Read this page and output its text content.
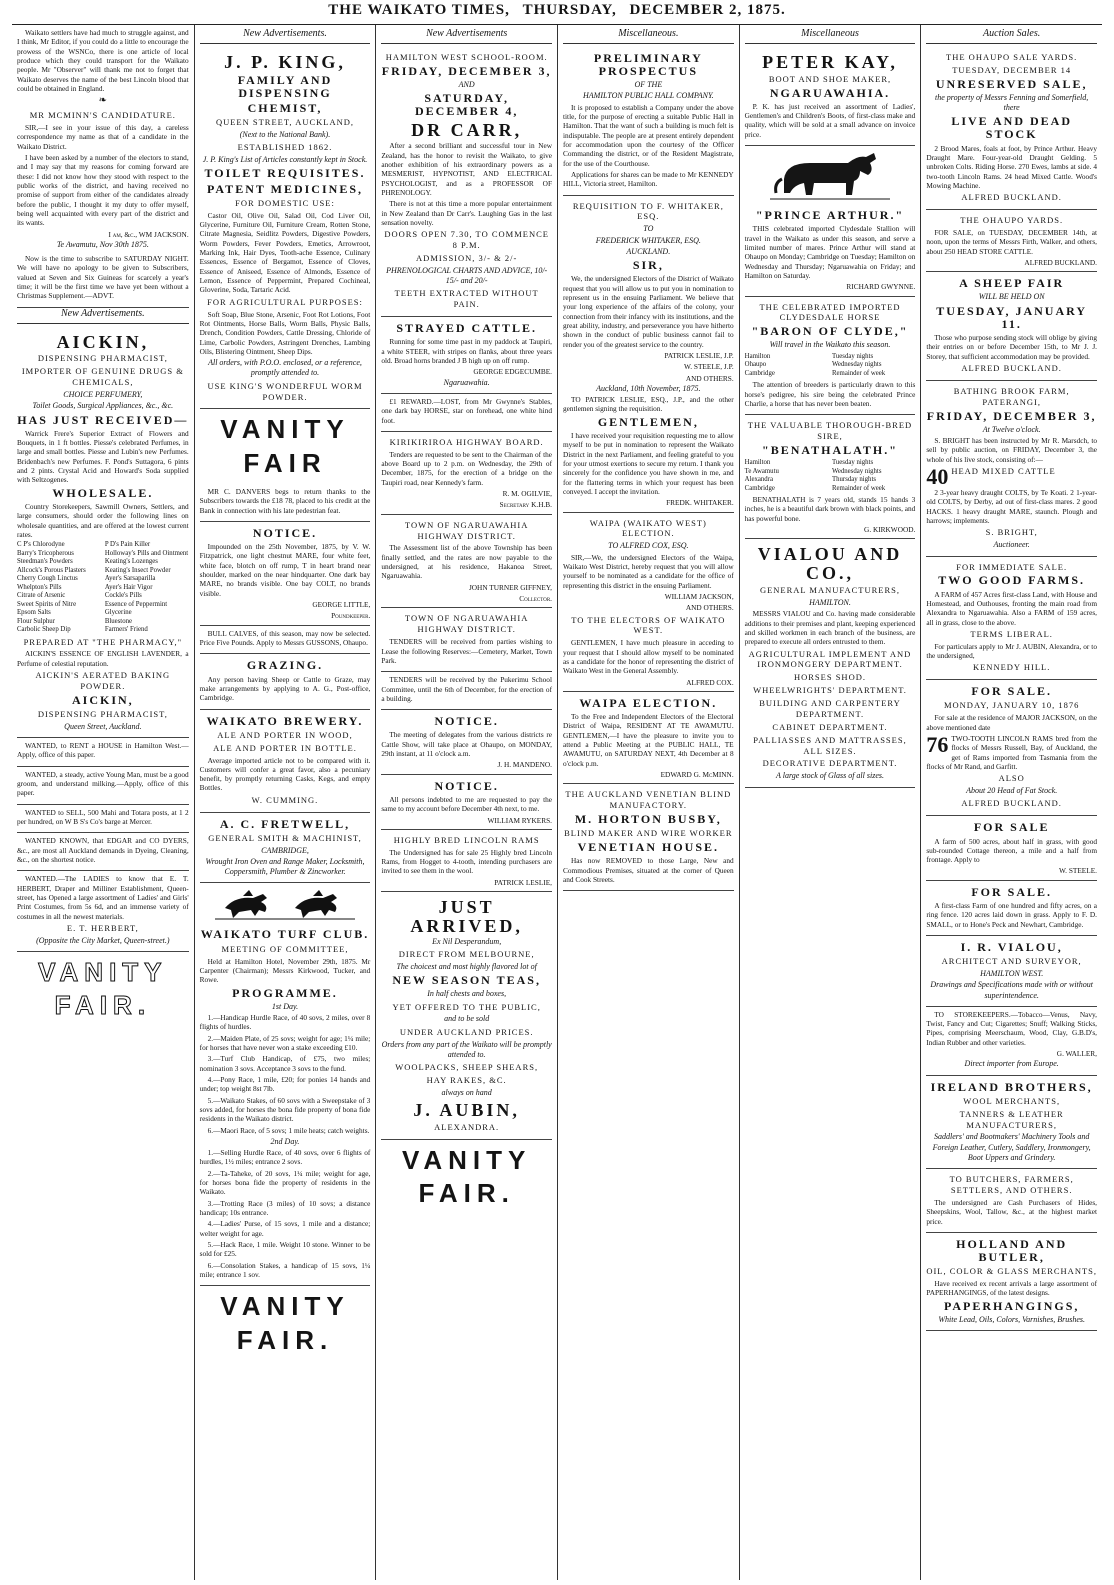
THE WAIKATO TIMES, THURSDAY, DECEMBER 2, 1875.

Waikato settlers have had much to struggle against, and I think, Mr Editor, if you could do a little to encourage the prowess of the WSNCo, there is one article of local produce which they could transport for the Waikato people. Mr "Observer" will thank me not to forget that Waikato deserves the name of the best Lincoln blood that could be obtained in England.

❧
MR MCMINN'S CANDIDATURE.

SIR,—I see in your issue of this day, a careless correspondence my name as that of a candidate in the Waikato District.

I have been asked by a number of the electors to stand, and I may say that my reasons for coming forward are these: I did not know how they stood with respect to the public works of the district, and having received no promise of support from either of the candidates already before the public, I thought it my duty to offer myself, being well acquainted with every part of the district and its wants.

I am, &c., WM JACKSON.
Te Awamutu, Nov 30th 1875.

Now is the time to subscribe to SATURDAY NIGHT. We will have no apology to be given to Subscribers, valued at Seven and Six Guineas for scarcely a year's time; it will be the first time we have yet been without a Christmas Supplement.—ADVT.

New Advertisements.
AICKIN,
DISPENSING PHARMACIST,
IMPORTER OF GENUINE DRUGS & CHEMICALS,
CHOICE PERFUMERY,
Toilet Goods, Surgical Appliances, &c., &c.
HAS JUST RECEIVED—

Warrick Frere's Superior Extract of Flowers and Bouquets, in 1 ft bottles. Piesse's celebrated Perfumes, in large and small bottles. Piesse and Lubin's new Perfumes. Bridenbach's new Perfumes. F. Pond's Suttagora, 6 pints and 2 pints. Crystal Acid and Howard's Soda supplied with Seltzogenes.

WHOLESALE.

Country Storekeepers, Sawmill Owners, Settlers, and large consumers, should order the following lines on wholesale quantities, and are offered at the lowest current rates.

C P's Chlorodyne	P D's Pain Killer
Barry's Tricopherous	Holloway's Pills and Ointment
Steedman's Powders	Keating's Lozenges
Allcock's Porous Plasters	Keating's Insect Powder
Cherry Cough Linctus	Ayer's Sarsaparilla
Whelpton's Pills	Ayer's Hair Vigor
Citrate of Arsenic	Cockle's Pills
Sweet Spirits of Nitre	Essence of Peppermint
Epsom Salts	Glycerine
Flour Sulphur	Bluestone
Carbolic Sheep Dip	Farmers' Friend
PREPARED AT "THE PHARMACY,"

AICKIN'S ESSENCE OF ENGLISH LAVENDER, a Perfume of celestial reputation.

AICKIN'S AERATED BAKING POWDER.
AICKIN,
DISPENSING PHARMACIST,
Queen Street, Auckland.

WANTED, to RENT a HOUSE in Hamilton West.—Apply, office of this paper.

WANTED, a steady, active Young Man, must be a good groom, and understand milking.—Apply, office of this paper.

WANTED to SELL, 500 Mahi and Totara posts, at 1 2 per hundred, on W B S's Co's barge at Mercer.

WANTED KNOWN, that EDGAR and CO DYERS, &c., are most all Auckland demands in Dyeing, Cleaning, &c., on the shortest notice.

WANTED.—The LADIES to know that E. T. HERBERT, Draper and Milliner Establishment, Queen-street, has Opened a large assortment of Ladies' and Girls' Print Costumes, from 5s 6d, and an immense variety of costumes in all the newest materials.

E. T. HERBERT,
(Opposite the City Market, Queen-street.)
VANITY FAIR.
New Advertisements.
J. P. KING,
FAMILY AND DISPENSING
CHEMIST,
QUEEN STREET, AUCKLAND,
(Next to the National Bank).
ESTABLISHED 1862.
J. P. King's List of Articles constantly kept in Stock.
TOILET REQUISITES.
PATENT MEDICINES,
FOR DOMESTIC USE:

Castor Oil, Olive Oil, Salad Oil, Cod Liver Oil, Glycerine, Furniture Oil, Furniture Cream, Rotten Stone, Citrate Magnesia, Seidlitz Powders, Digestive Powders, Worm Powders, Fever Powders, Emetics, Arrowroot, Marking Ink, Hair Dyes, Tooth-ache Essence, Culinary Essences, Essence of Bergamot, Essence of Cloves, Essence of Aniseed, Essence of Almonds, Essence of Lemon, Essence of Peppermint, Prepared Cochineal, Gloverine, Soda, Tartaric Acid.

FOR AGRICULTURAL PURPOSES:

Soft Soap, Blue Stone, Arsenic, Foot Rot Lotions, Foot Rot Ointments, Horse Balls, Worm Balls, Physic Balls, Drench, Condition Powders, Cattle Dressing, Chloride of Lime, Carbolic Powders, Astringent Drenches, Lambing Oils, Blistering Ointment, Sheep Dips.

All orders, with P.O.O. enclosed, or a reference, promptly attended to.
USE KING'S WONDERFUL WORM POWDER.
VANITY FAIR

MR C. DANVERS begs to return thanks to the Subscribers towards the £18 78, placed to his credit at the Bank in connection with his late pedestrian feat.

NOTICE.

Impounded on the 25th November, 1875, by V. W. Fitzpatrick, one light chestnut MARE, four white feet, white face, blotch on off rump, T in heart brand near shoulder, marked on the near hindquarter. One dark bay MARE, no brands visible. One bay COLT, no brands visible.

GEORGE LITTLE,
Poundkeeper.

BULL CALVES, of this season, may now be selected. Price Five Pounds. Apply to Messrs GUSSONS, Ohaupo.

GRAZING.

Any person having Sheep or Cattle to Graze, may make arrangements by applying to A. G., Post-office, Cambridge.

WAIKATO BREWERY.
ALE AND PORTER IN WOOD,
ALE AND PORTER IN BOTTLE.

Average imported article not to be compared with it. Customers will confer a great favor, also a pecuniary benefit, by promptly returning Casks, Kegs, and empty Bottles.

W. CUMMING.
A. C. FRETWELL,
GENERAL SMITH & MACHINIST,
CAMBRIDGE,
Wrought Iron Oven and Range Maker, Locksmith, Coppersmith, Plumber & Zincworker.
WAIKATO TURF CLUB.
MEETING OF COMMITTEE,

Held at Hamilton Hotel, November 29th, 1875. Mr Carpenter (Chairman); Messrs Kirkwood, Tucker, and Rowe.

PROGRAMME.
1st Day.

1.—Handicap Hurdle Race, of 40 sovs, 2 miles, over 8 flights of hurdles.

2.—Maiden Plate, of 25 sovs; weight for age; 1¼ mile; for horses that have never won a stake exceeding £10.

3.—Turf Club Handicap, of £75, two miles; nomination 3 sovs. Acceptance 3 sovs to the fund.

4.—Pony Race, 1 mile, £20; for ponies 14 hands and under; top weight 8st 7lb.

5.—Waikato Stakes, of 60 sovs with a Sweepstake of 3 sovs added, for horses the bona fide property of bona fide residents in the Waikato district.

6.—Maori Race, of 5 sovs; 1 mile heats; catch weights.

2nd Day.

1.—Selling Hurdle Race, of 40 sovs, over 6 flights of hurdles, 1½ miles; entrance 2 sovs.

2.—Ta-Taheke, of 20 sovs, 1¼ mile; weight for age, for horses bona fide the property of residents in the Waikato.

3.—Trotting Race (3 miles) of 10 sovs; a distance handicap; 10s entrance.

4.—Ladies' Purse, of 15 sovs, 1 mile and a distance; welter weight for age.

5.—Hack Race, 1 mile. Weight 10 stone. Winner to be sold for £25.

6.—Consolation Stakes, a handicap of 15 sovs, 1¼ mile; entrance 1 sov.

VANITY FAIR.
New Advertisements
HAMILTON WEST SCHOOL-ROOM.
FRIDAY, DECEMBER 3,
AND
SATURDAY, DECEMBER 4,
DR CARR,

After a second brilliant and successful tour in New Zealand, has the honor to revisit the Waikato, to give another exhibition of his extraordinary powers as a MESMERIST, HYPNOTIST, AND ELECTRICAL PSYCHOLOGIST, and as a PROFESSOR OF PHRENOLOGY.

There is not at this time a more popular entertainment in New Zealand than Dr Carr's. Laughing Gas in the last sensation novelty.

DOORS OPEN 7.30, TO COMMENCE 8 P.M.
ADMISSION, 3/- & 2/-
PHRENOLOGICAL CHARTS AND ADVICE, 10/- 15/- and 20/-
TEETH EXTRACTED WITHOUT PAIN.
STRAYED CATTLE.

Running for some time past in my paddock at Taupiri, a white STEER, with stripes on flanks, about three years old. Broad horns branded J B high up on off rump.

GEORGE EDGECUMBE.
Ngaruawahia.

£1 REWARD.—LOST, from Mr Gwynne's Stables, one dark bay HORSE, star on forehead, one white hind foot.

KIRIKIRIROA HIGHWAY BOARD.

Tenders are requested to be sent to the Chairman of the above Board up to 2 p.m. on Wednesday, the 29th of December, 1875, for the erection of a bridge on the Taupiri road, near Kennedy's farm.

R. M. OGILVIE,
Secretary K.H.B.
TOWN OF NGARUAWAHIA HIGHWAY DISTRICT.

The Assessment list of the above Township has been finally settled, and the rates are now payable to the undersigned, at his residence, Hakanoa Street, Ngaruawahia.

JOHN TURNER GIFFNEY,
Collector.
TOWN OF NGARUAWAHIA HIGHWAY DISTRICT.

TENDERS will be received from parties wishing to Lease the following Reserves:—Cemetery, Market, Town Park.

TENDERS will be received by the Pukerimu School Committee, until the 6th of December, for the erection of a building.

NOTICE.

The meeting of delegates from the various districts re Cattle Show, will take place at Ohaupo, on MONDAY, 29th instant, at 11 o'clock a.m.

J. H. MANDENO.
NOTICE.

All persons indebted to me are requested to pay the same to my account before December 4th next, to me.

WILLIAM RYKERS.
HIGHLY BRED LINCOLN RAMS

The Undersigned has for sale 25 Highly bred Lincoln Rams, from Hogget to 4-tooth, intending purchasers are invited to see them in the wool.

PATRICK LESLIE,
JUST ARRIVED,
Ex Nil Desperandum,
DIRECT FROM MELBOURNE,
The choicest and most highly flavored lot of
NEW SEASON TEAS,
In half chests and boxes,
YET OFFERED TO THE PUBLIC,
and to be sold
UNDER AUCKLAND PRICES.
Orders from any part of the Waikato will be promptly attended to.
WOOLPACKS, SHEEP SHEARS,
HAY RAKES, &C.
always on hand
J. AUBIN,
ALEXANDRA.
VANITY FAIR.
Miscellaneous.
PRELIMINARY PROSPECTUS
OF THE
HAMILTON PUBLIC HALL COMPANY.

It is proposed to establish a Company under the above title, for the purpose of erecting a suitable Public Hall in Hamilton. That the want of such a building is much felt is indisputable. The people are at present entirely dependent for accommodation upon the courtesy of the Officer Commanding the district, or of the Resident Magistrate, for the use of the Courthouse.

Applications for shares can be made to Mr KENNEDY HILL, Victoria street, Hamilton.

REQUISITION TO F. WHITAKER, ESQ.
TO
FREDERICK WHITAKER, ESQ.
AUCKLAND.
SIR,

We, the undersigned Electors of the District of Waikato request that you will allow us to put you in nomination to represent us in the ensuing Parliament. We believe that your long experience of the affairs of the colony, your connection from their infancy with its institutions, and the great ability, industry, and perseverance you have hitherto shown in the conduct of public business cannot fail to render you of the greatest service to the country.

PATRICK LESLIE, J.P.
W. STEELE, J.P.
AND OTHERS.
Auckland, 10th November, 1875.

TO PATRICK LESLIE, ESQ., J.P., and the other gentlemen signing the requisition.

GENTLEMEN,

I have received your requisition requesting me to allow myself to be put in nomination to represent the Waikato District in the next Parliament, and feeling grateful to you for your utmost exertions to secure my return. I thank you sincerely for the confidence you have shown in me, and for the flattering terms in which your request has been conveyed. I accept the invitation.

FREDK. WHITAKER.
WAIPA (WAIKATO WEST) ELECTION.
TO ALFRED COX, ESQ.

SIR,—We, the undersigned Electors of the Waipa, Waikato West District, hereby request that you will allow yourself to be nominated as a candidate for the office of representing this district in the ensuing Parliament.

WILLIAM JACKSON,
AND OTHERS.
TO THE ELECTORS OF WAIKATO WEST.

GENTLEMEN, I have much pleasure in acceding to your request that I should allow myself to be nominated as a candidate for the honor of representing the district of Waikato West in the General Assembly.

ALFRED COX.
WAIPA ELECTION.

To the Free and Independent Electors of the Electoral District of Waipa, RESIDENT AT TE AWAMUTU. GENTLEMEN,—I have the pleasure to invite you to attend a Public Meeting at the PUBLIC HALL, TE AWAMUTU, on SATURDAY NEXT, 4th December at 8 o'clock p.m.

EDWARD G. McMINN.
THE AUCKLAND VENETIAN BLIND MANUFACTORY.
M. HORTON BUSBY,
BLIND MAKER AND WIRE WORKER
VENETIAN HOUSE.

Has now REMOVED to those Large, New and Commodious Premises, situated at the corner of Queen and Cook Streets.

Miscellaneous
PETER KAY,
BOOT AND SHOE MAKER,
NGARUAWAHIA.

P. K. has just received an assortment of Ladies', Gentlemen's and Children's Boots, of first-class make and quality, which will be sold at a small advance on invoice price.

"PRINCE ARTHUR."

THIS celebrated imported Clydesdale Stallion will travel in the Waikato as under this season, and serve a limited number of mares. Prince Arthur will stand at Ohaupo on Monday; Cambridge on Tuesday; Hamilton on Wednesday and Thursday; Ngaruawahia on Friday; and Hamilton on Saturday.

RICHARD GWYNNE.
THE CELEBRATED IMPORTED CLYDESDALE HORSE
"BARON OF CLYDE,"
Will travel in the Waikato this season.
Hamilton	Tuesday nights
Ohaupo	Wednesday nights
Cambridge	Remainder of week

The attention of breeders is particularly drawn to this horse's pedigree, his sire being the celebrated Prince Charlie, a horse that has never been beaten.

THE VALUABLE THOROUGH-BRED SIRE,
"BENATHALATH."
Hamilton	Tuesday nights
Te Awamutu	Wednesday nights
Alexandra	Thursday nights
Cambridge	Remainder of week

BENATHALATH is 7 years old, stands 15 hands 3 inches, he is a beautiful dark brown with black points, and has powerful bone.

G. KIRKWOOD.
VIALOU AND CO.,
GENERAL MANUFACTURERS,
HAMILTON.

MESSRS VIALOU and Co. having made considerable additions to their premises and plant, keeping experienced and skilled workmen in each branch of the business, are prepared to execute all orders entrusted to them.

AGRICULTURAL IMPLEMENT AND IRONMONGERY DEPARTMENT.
HORSES SHOD.
WHEELWRIGHTS' DEPARTMENT.
BUILDING AND CARPENTERY DEPARTMENT.
CABINET DEPARTMENT.
PALLIASSES AND MATTRASSES, ALL SIZES.
DECORATIVE DEPARTMENT.
A large stock of Glass of all sizes.
Auction Sales.
THE OHAUPO SALE YARDS.
TUESDAY, DECEMBER 14
UNRESERVED SALE,
the property of Messrs Fenning and Somerfield, there
LIVE AND DEAD STOCK

2 Brood Mares, foals at foot, by Prince Arthur. Heavy Draught Mare. Four-year-old Draught Gelding. 5 unbroken Colts. Riding Horse. 270 Ewes, lambs at side. 4 two-tooth Lincoln Rams. 24 head Mixed Cattle. Wood's Mowing Machine.

ALFRED BUCKLAND.
THE OHAUPO YARDS.

FOR SALE, on TUESDAY, DECEMBER 14th, at noon, upon the terms of Messrs Firth, Walker, and others, about 250 HEAD STORE CATTLE.

ALFRED BUCKLAND.
A SHEEP FAIR
WILL BE HELD ON
TUESDAY, JANUARY 11.

Those who purpose sending stock will oblige by giving their entries on or before December 15th, to Mr J. J. Storey, that sufficient accommodation may be provided.

ALFRED BUCKLAND.
BATHING BROOK FARM, PATERANGI,
FRIDAY, DECEMBER 3,
At Twelve o'clock.

S. BRIGHT has been instructed by Mr R. Marsdch, to sell by public auction, on FRIDAY, December 3, the whole of his live stock, consisting of:—

40 HEAD MIXED CATTLE

2 3-year heavy draught COLTS, by Te Koati. 2 1-year-old COLTS, by Derby, ad out of first-class mares. 2 good HACKS. 1 heavy draught MARE, staunch. Plough and harrows; implements.

S. BRIGHT,
Auctioneer.
FOR IMMEDIATE SALE.
TWO GOOD FARMS.

A FARM of 457 Acres first-class Land, with House and Homestead, and Outhouses, fronting the main road from Alexandra to Ngaruawahia. Also a FARM of 159 acres, all in grass, close to the above.

TERMS LIBERAL.

For particulars apply to Mr J. AUBIN, Alexandra, or to the undersigned,

KENNEDY HILL.
FOR SALE.
MONDAY, JANUARY 10, 1876

For sale at the residence of MAJOR JACKSON, on the above mentioned date

76 TWO-TOOTH LINCOLN RAMS bred from the flocks of Messrs Russell, Bay, of Auckland, the get of Rams imported from Tasmania from the flocks of Mr Rand, and Garfitt.
ALSO
About 20 Head of Fat Stock.
ALFRED BUCKLAND.
FOR SALE

A farm of 500 acres, about half in grass, with good sub-rounded Cottage thereon, a mile and a half from frontage. Apply to

W. STEELE.
FOR SALE.

A first-class Farm of one hundred and fifty acres, on a ring fence. 120 acres laid down in grass. Apply to F. D. SMALL, or to Hone's Peck and Newhart, Cambridge.

I. R. VIALOU,
ARCHITECT AND SURVEYOR,
HAMILTON WEST.
Drawings and Specifications made with or without superintendence.

TO STOREKEEPERS.—Tobacco—Venus, Navy, Twist, Fancy and Cut; Cigarettes; Snuff; Walking Sticks, Pipes, comprising Meerschaum, Wood, Clay, G.B.D's, Indian Rubber and other varieties.

G. WALLER,
Direct importer from Europe.
IRELAND BROTHERS,
WOOL MERCHANTS,
TANNERS & LEATHER MANUFACTURERS,
Saddlers' and Bootmakers' Machinery Tools and Foreign Leather, Cutlery, Saddlery, Ironmongery, Boot Uppers and Grindery.
TO BUTCHERS, FARMERS, SETTLERS, AND OTHERS.

The undersigned are Cash Purchasers of Hides, Sheepskins, Wool, Tallow, &c., at the highest market price.

HOLLAND AND BUTLER,
OIL, COLOR & GLASS MERCHANTS,

Have received ex recent arrivals a large assortment of PAPERHANGINGS, of the latest designs.

PAPERHANGINGS,
White Lead, Oils, Colors, Varnishes, Brushes.
